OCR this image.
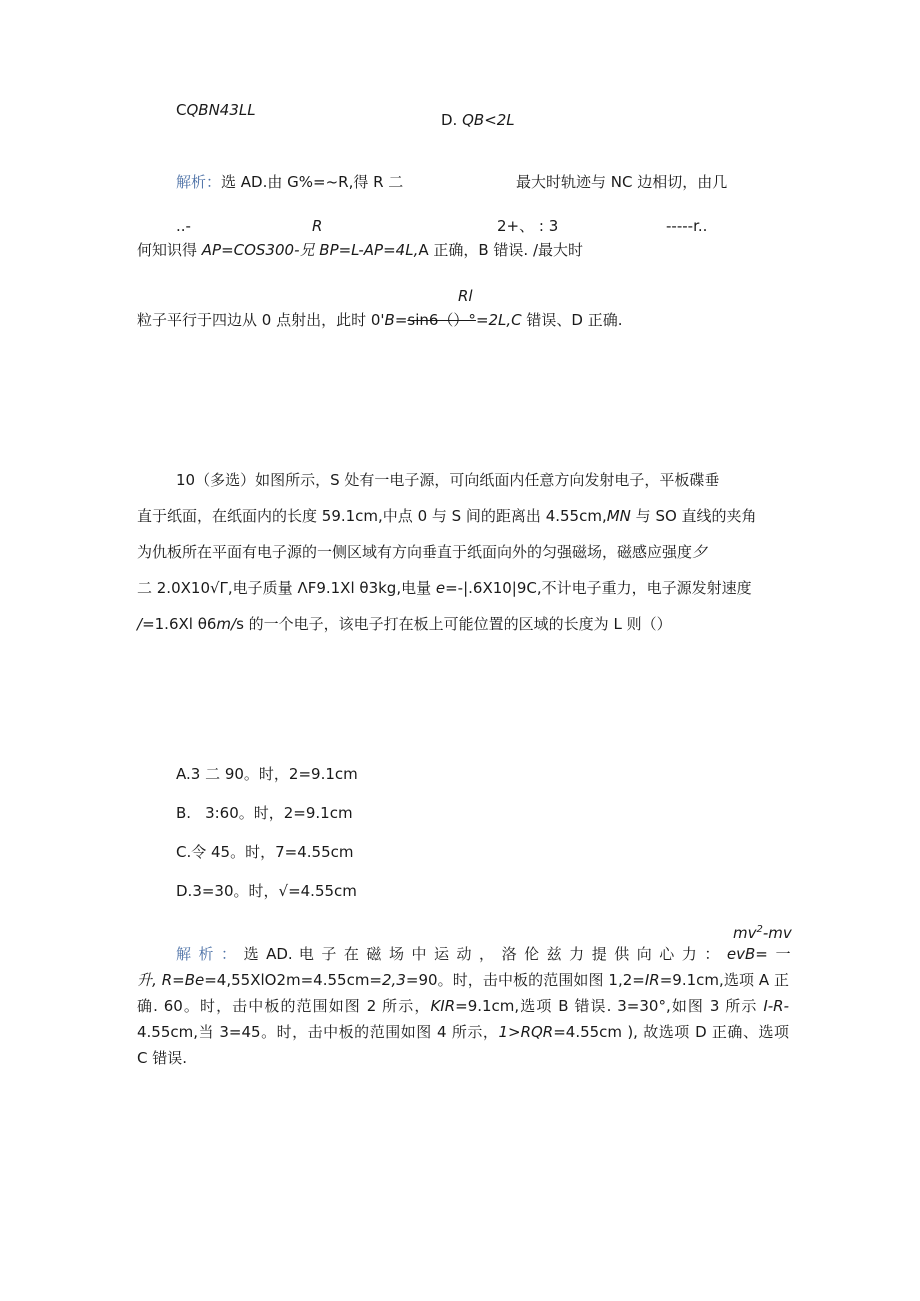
CQBN43LL
D. QB<2L
解析：选 AD.由 G%=~R,得 R 二	最大时轨迹与 NC 边相切，由几
..-	R	2+、 : 3	-----r..
何知识得 AP=COS300-兄 BP=L-AP=4L,A 正确，B 错误. /最大时
Rl
粒子平行于四边从 0 点射出，此时 0'B=sin6（）°=2L,C 错误、D 正确.
10（多选）如图所示，S 处有一电子源，可向纸面内任意方向发射电子，平板碟垂
直于纸面，在纸面内的长度 59.1cm,中点 0 与 S 间的距离出 4.55cm,MN 与 SO 直线的夹角
为仇板所在平面有电子源的一侧区域有方向垂直于纸面向外的匀强磁场，磁感应强度夕
二 2.0X10√Γ,电子质量 ΛF9.1Xl θ3kg,电量 e=-|.6X10|9C,不计电子重力，电子源发射速度
/=1.6Xl θ6m/s 的一个电子，该电子打在板上可能位置的区域的长度为 L 则（）
A.3 二 90。时，2=9.1cm
B. 3:60。时，2=9.1cm
C.令 45。时，7=4.55cm
D.3=30。时，√=4.55cm
$mv^2-mv$
解 析 ： 选 AD. 电 子 在 磁 场 中 运 动 ， 洛 伦 兹 力 提 供 向 心 力 ： evB= 一
升, R=Be=4,55XlO2m=4.55cm=2,3=90。时，击中板的范围如图 1,2=IR=9.1cm,选项 A 正
确. 60。时，击中板的范围如图 2 所示，KIR=9.1cm,选项 B 错误. 3=30°,如图 3 所示 I-R-
4.55cm,当 3=45。时，击中板的范围如图 4 所示，1>RQR=4.55cm ), 故选项 D 正确、选项
C 错误.
